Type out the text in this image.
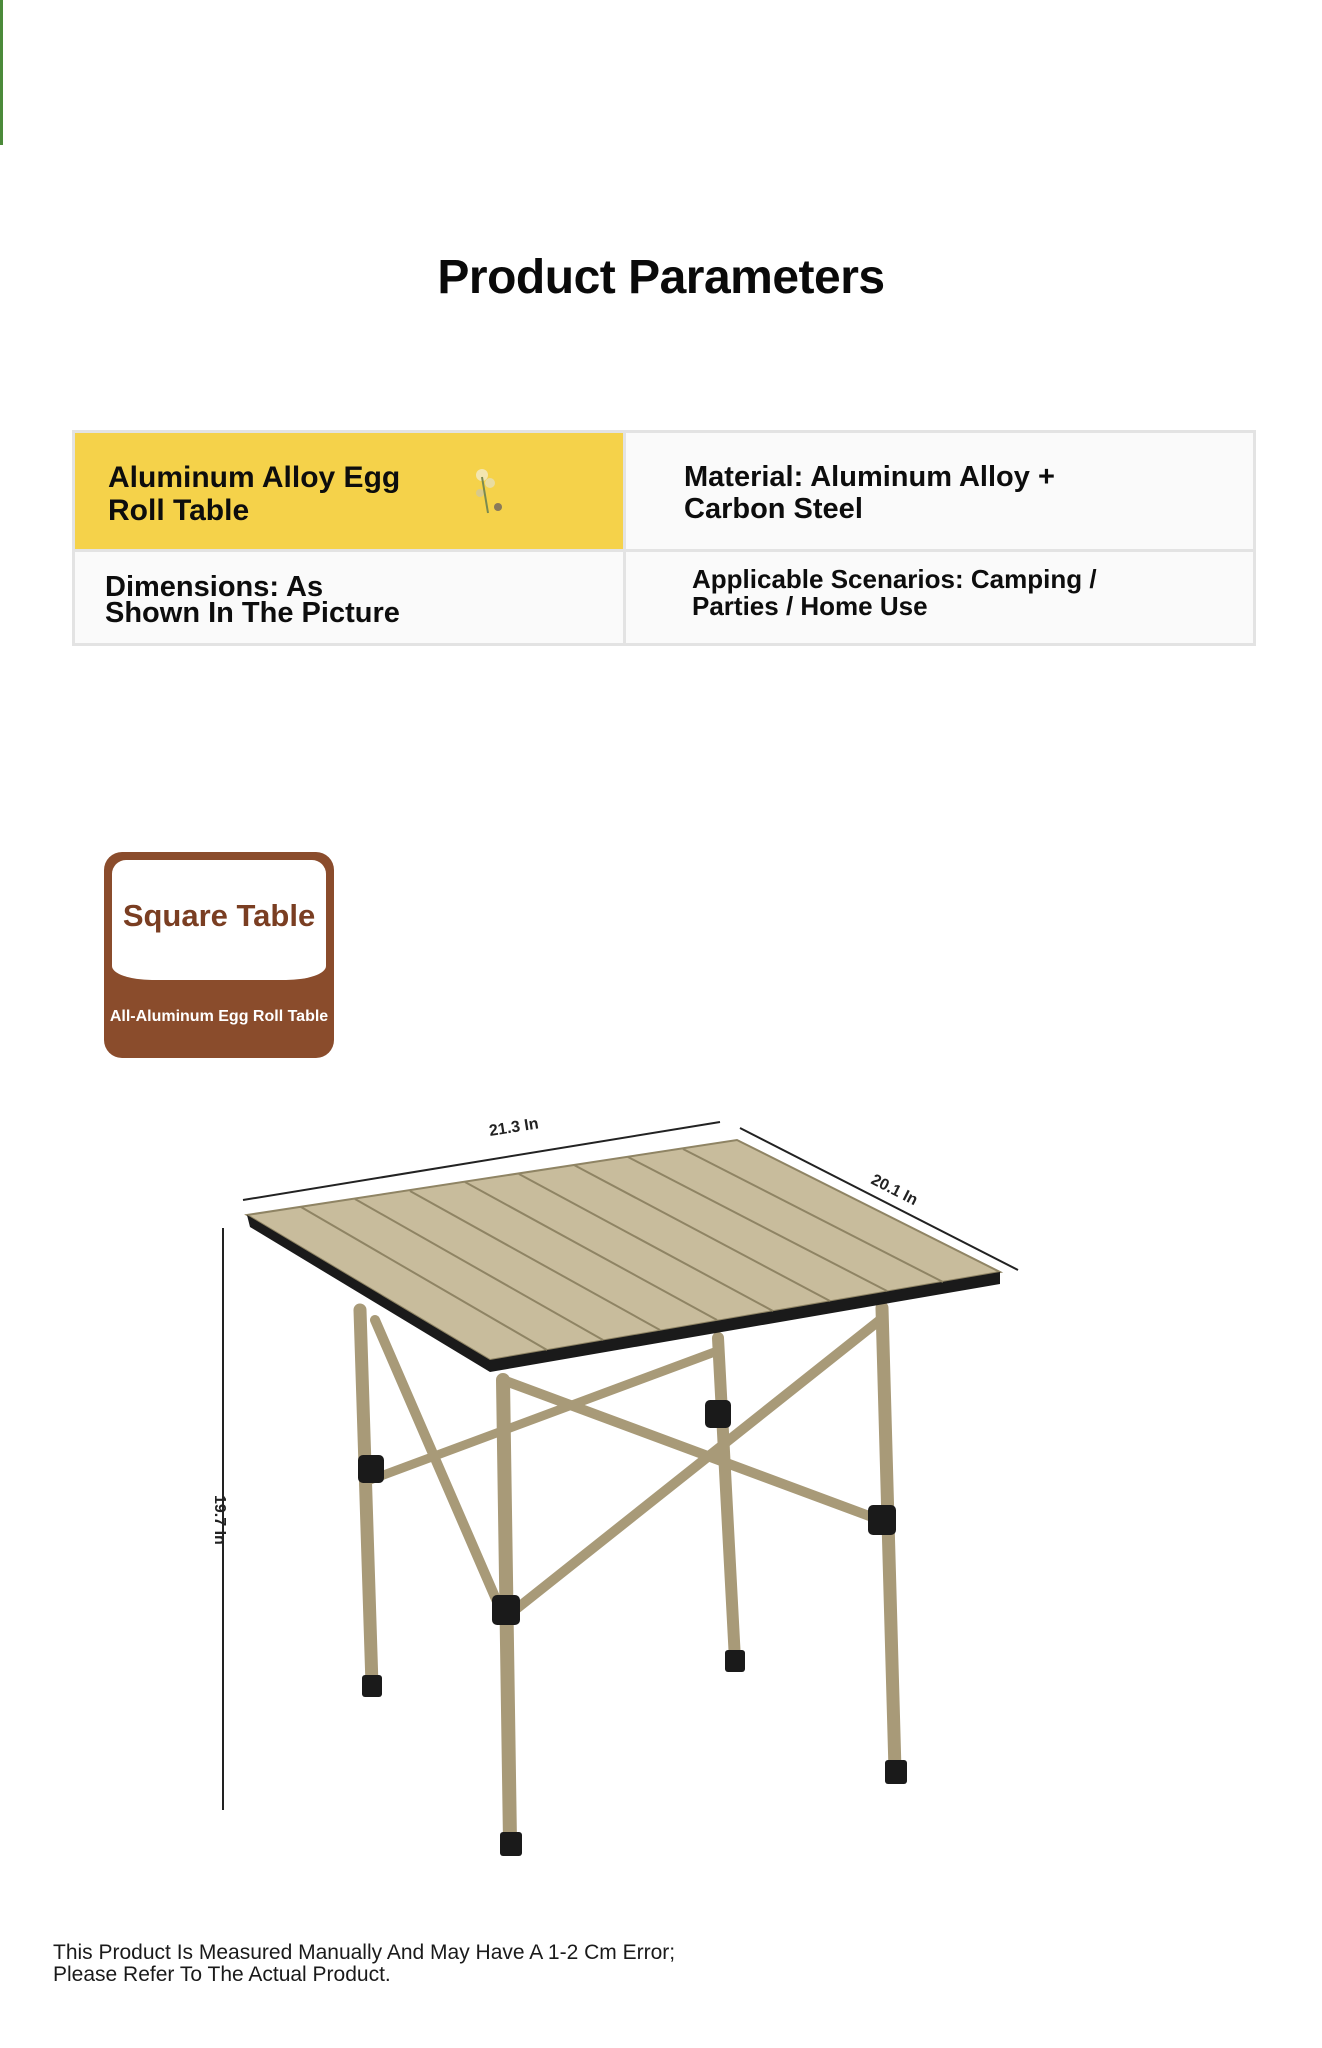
Product Parameters
Aluminum Alloy Egg
Roll Table
Material: Aluminum Alloy +
Carbon Steel
Dimensions: As
Shown In The Picture
Applicable Scenarios: Camping /
Parties / Home Use
Square Table
All-Aluminum Egg Roll Table
21.3 In
20.1 In
19.7 In
This Product Is Measured Manually And May Have A 1-2 Cm Error;
Please Refer To The Actual Product.
